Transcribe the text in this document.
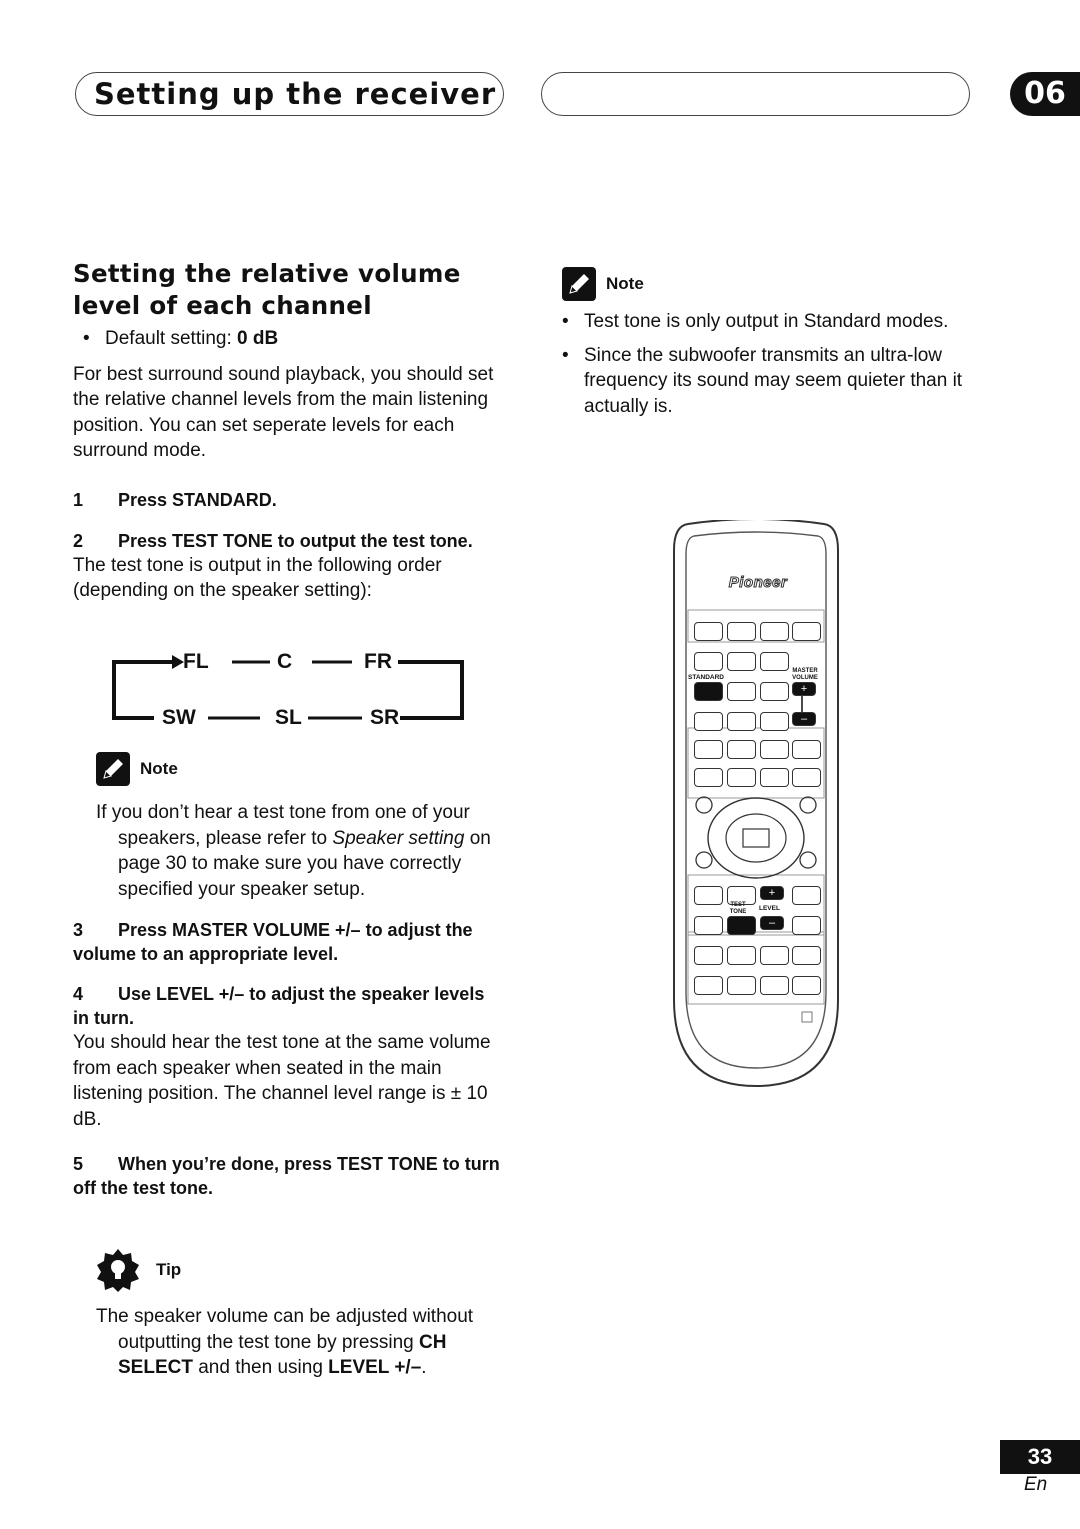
Setting up the receiver	06
Setting the relative volume level of each channel
• Default setting: 0 dB

For best surround sound playback, you should set the relative channel levels from the main listening position. You can set seperate levels for each surround mode.

1 Press STANDARD.
2 Press TEST TONE to output the test tone.

The test tone is output in the following order (depending on the speaker setting):

FL	C	FR
SW	SL	SR
Note
If you don’t hear a test tone from one of your speakers, please refer to Speaker setting on page 30 to make sure you have correctly specified your speaker setup.
3 Press MASTER VOLUME +/– to adjust the volume to an appropriate level.
4 Use LEVEL +/– to adjust the speaker levels in turn.

You should hear the test tone at the same volume from each speaker when seated in the main listening position. The channel level range is ± 10 dB.

5 When you’re done, press TEST TONE to turn off the test tone.
Tip
The speaker volume can be adjusted without outputting the test tone by pressing CH SELECT and then using LEVEL +/–.
Note
• Test tone is only output in Standard modes.
• Since the subwoofer transmits an ultra-low frequency its sound may seem quieter than it actually is.
Pioneer
MASTER VOLUME
STANDARD
+
–
+
TEST TONE	LEVEL
–
33
En
